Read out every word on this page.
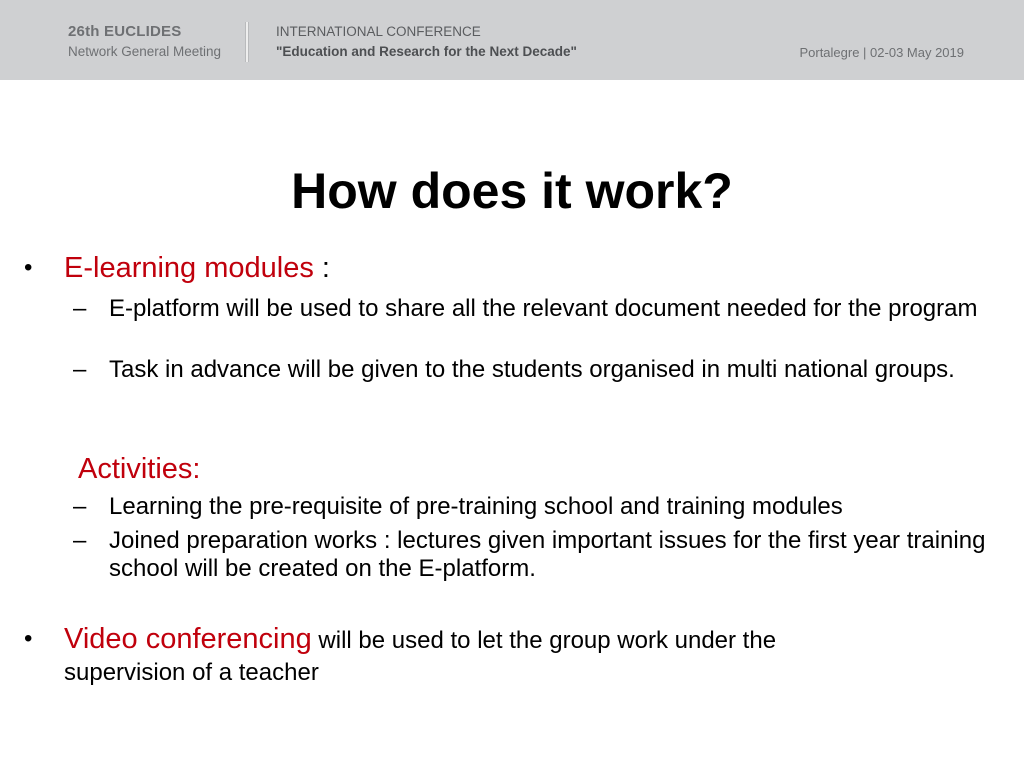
26th EUCLIDES
Network General Meeting
INTERNATIONAL CONFERENCE
"Education and Research for the Next Decade"	Portalegre | 02-03 May 2019
How does it work?
• E-learning modules :
– E-platform will be used to share all the relevant document needed for the program
– Task in advance will be given to the students organised in multi national groups.
Activities:
– Learning the pre-requisite of pre-training school and training modules
– Joined preparation works : lectures given important issues for the first year training school will be created on the E-platform.
• Video conferencing will be used to let the group work under the
supervision of a teacher
